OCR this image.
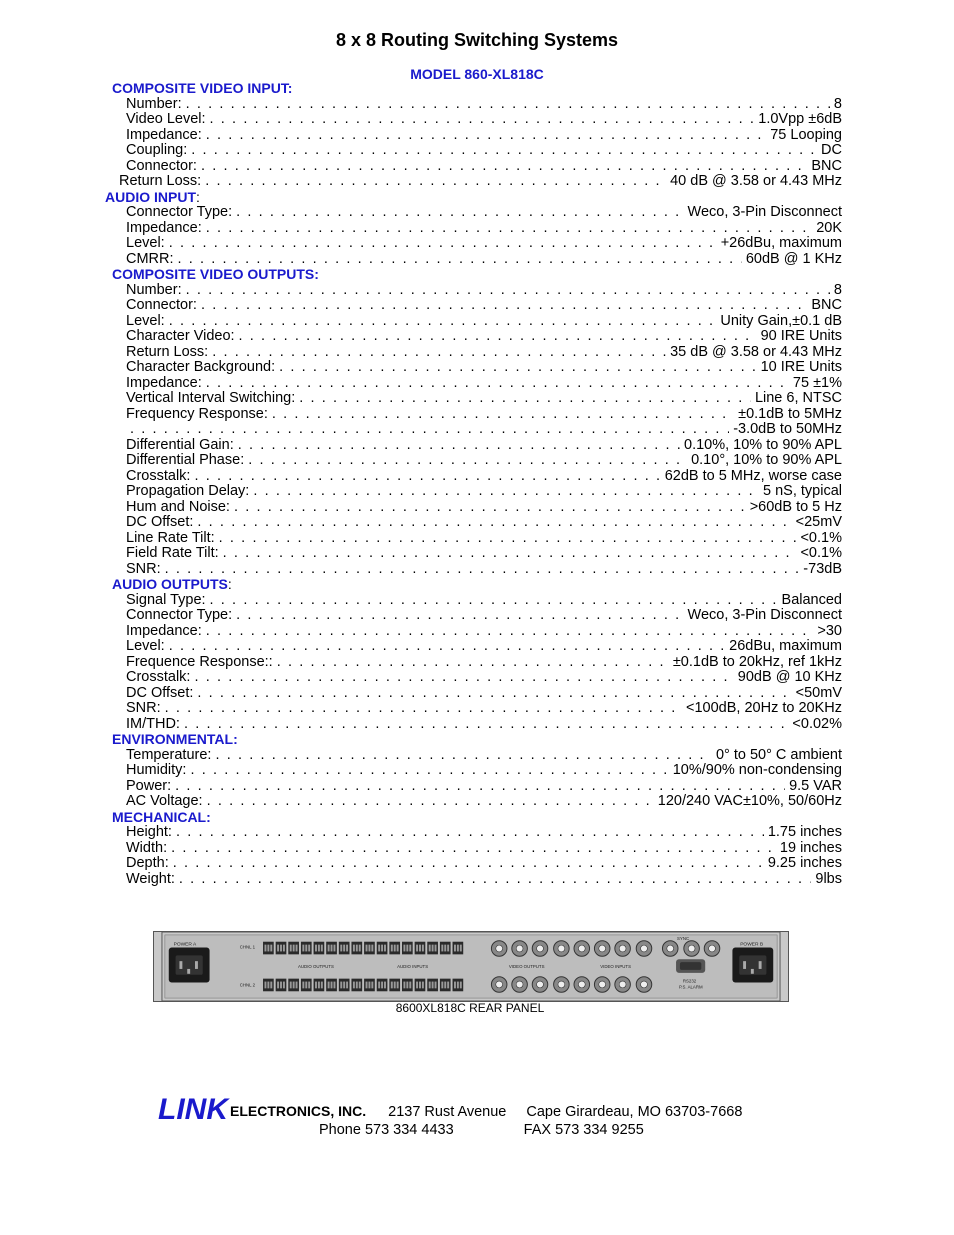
8 x 8 Routing Switching Systems
MODEL 860-XL818C
COMPOSITE VIDEO INPUT:
Number: . . .	8
Video Level: . . .	1.0Vpp ±6dB
Impedance: . . .	75 Looping
Coupling: . . .	DC
Connector: . . .	BNC
Return Loss: . . .	40 dB @ 3.58 or 4.43 MHz
AUDIO INPUT:
Connector Type: . . .	Weco, 3-Pin Disconnect
Impedance: . . .	20K
Level: . . .	+26dBu, maximum
CMRR: . . .	60dB @ 1 KHz
COMPOSITE VIDEO OUTPUTS:
Number: . . .	8
Connector: . . .	BNC
Level: . . .	Unity Gain,±0.1 dB
Character Video: . . .	90 IRE Units
Return Loss: . . .	35 dB @ 3.58 or 4.43 MHz
Character Background: . . .	10 IRE Units
Impedance: . . .	75 ±1%
Vertical Interval Switching: . . .	Line 6, NTSC
Frequency Response: . . .	±0.1dB to 5MHz
. . .
-3.0dB to 50MHz
Differential Gain: . . .	0.10%, 10% to 90% APL
Differential Phase: . . .	0.10°, 10% to 90% APL
Crosstalk: . . .	62dB to 5 MHz, worse case
Propagation Delay: . . .	5 nS, typical
Hum and Noise: . . .	>60dB to 5 Hz
DC Offset: . . .	<25mV
Line Rate Tilt: . . .	<0.1%
Field Rate Tilt: . . .	<0.1%
SNR: . . .	-73dB
AUDIO OUTPUTS:
Signal Type: . . .	Balanced
Connector Type: . . .	Weco, 3-Pin Disconnect
Impedance: . . .	>30
Level: . . .	26dBu, maximum
Frequence Response:: . . .	±0.1dB to 20kHz, ref 1kHz
Crosstalk: . . .	90dB @ 10 KHz
DC Offset: . . .	<50mV
SNR: . . .	<100dB, 20Hz to 20KHz
IM/THD: . . .	<0.02%
ENVIRONMENTAL:
Temperature: . . .	0° to 50° C ambient
Humidity: . . .	10%/90% non-condensing
Power: . . .	9.5 VAR
AC Voltage: . . .	120/240 VAC±10%, 50/60Hz
MECHANICAL:
Height: . . .	1.75 inches
Width: . . .	19 inches
Depth: . . .	9.25 inches
Weight: . . .	9lbs
POWER A	CHNL 1
CHNL 2
AUDIO OUTPUTS	AUDIO INPUTS	VIDEO OUTPUTS	VIDEO INPUTS
SYNC
RS232
P.S. ALARM
POWER B
8600XL818C REAR PANEL
LINK ELECTRONICS, INC. 2137 Rust Avenue Cape Girardeau, MO 63703-7668
Phone 573 334 4433	FAX 573 334 9255
